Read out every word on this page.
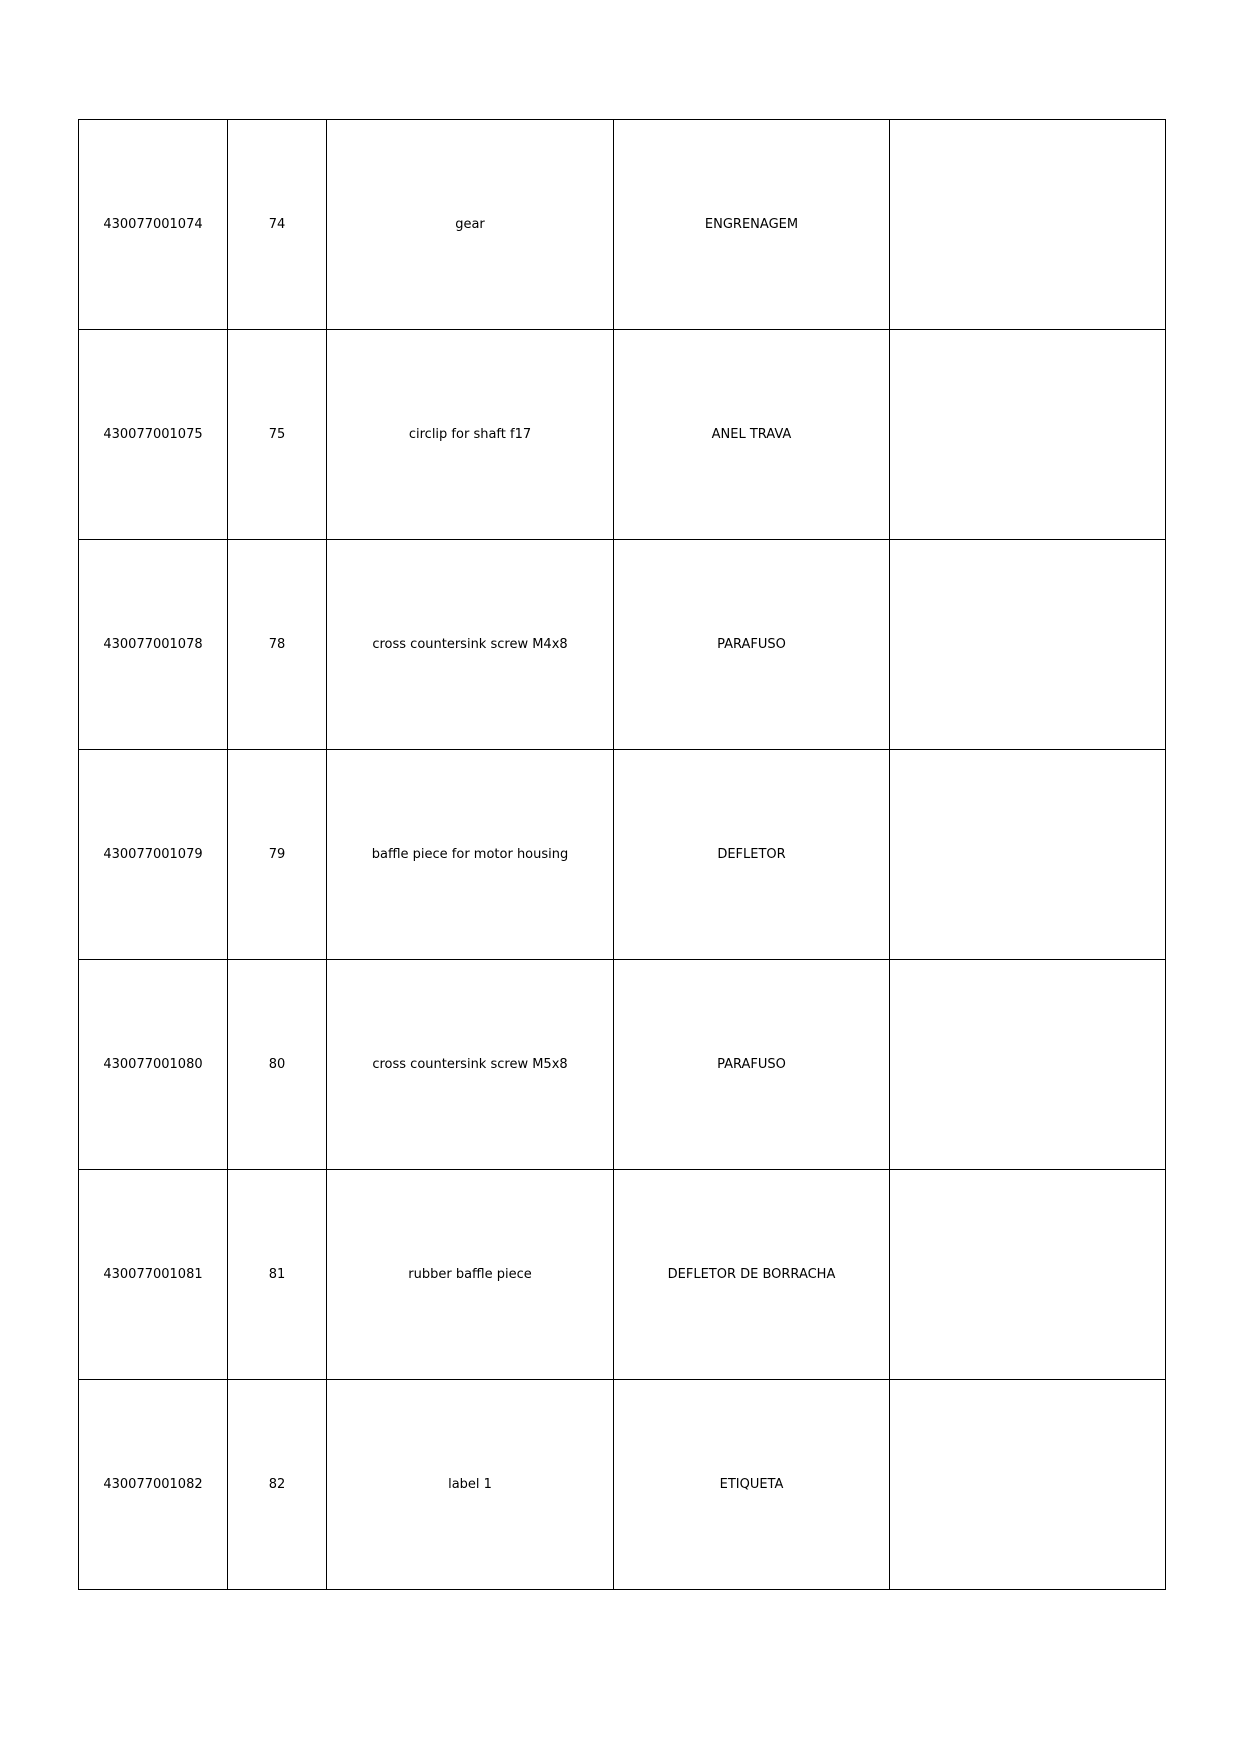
430077001074	74	gear	ENGRENAGEM	
430077001075	75	circlip for shaft f17	ANEL TRAVA	
430077001078	78	cross countersink screw M4x8	PARAFUSO	
430077001079	79	baffle piece for motor housing	DEFLETOR	
430077001080	80	cross countersink screw M5x8	PARAFUSO	
430077001081	81	rubber baffle piece	DEFLETOR DE BORRACHA	
430077001082	82	label 1	ETIQUETA	
